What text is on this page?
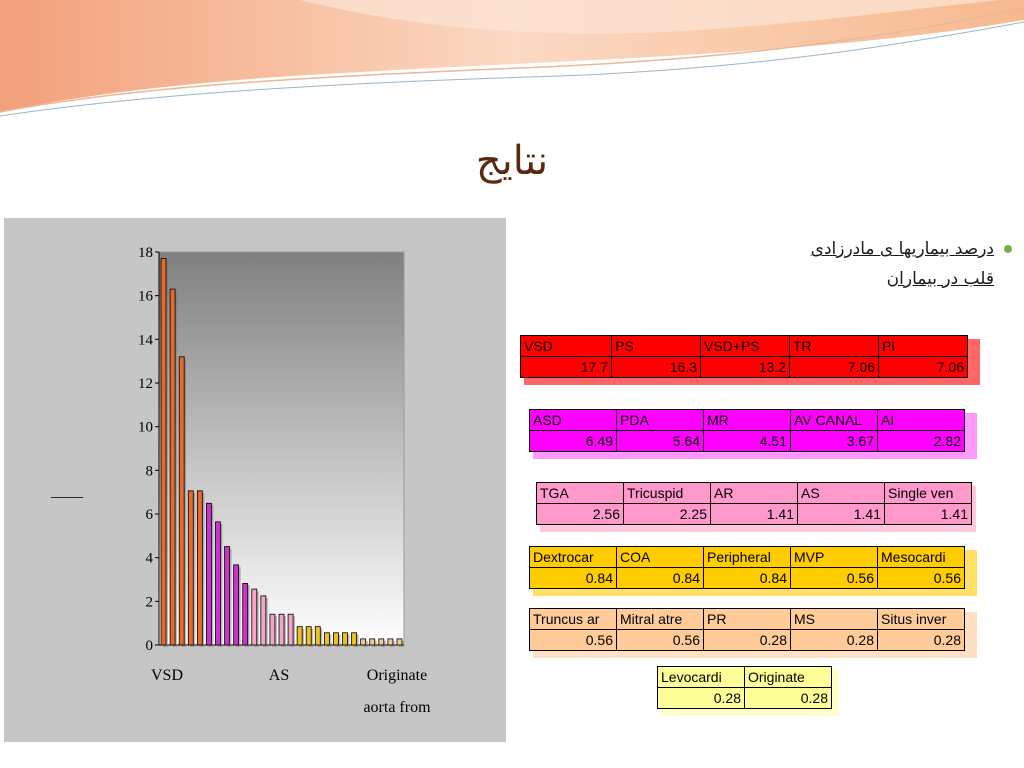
نتایج
0
2
4
6
8
10
12
14
16
18
VSD	AS	Originate
aorta from
____
درصد بیماریها ی مادرزادی
قلب در بیماران
VSD	PS	VSD+PS	TR	PI
17.7	16.3	13.2	7.06	7.06
ASD	PDA	MR	AV CANAL	AI
6.49	5.64	4.51	3.67	2.82
TGA	Tricuspid	AR	AS	Single ven
2.56	2.25	1.41	1.41	1.41
Dextrocar	COA	Peripheral	MVP	Mesocardi
0.84	0.84	0.84	0.56	0.56
Truncus ar	Mitral atre	PR	MS	Situs inver
0.56	0.56	0.28	0.28	0.28
Levocardi	Originate
0.28	0.28
